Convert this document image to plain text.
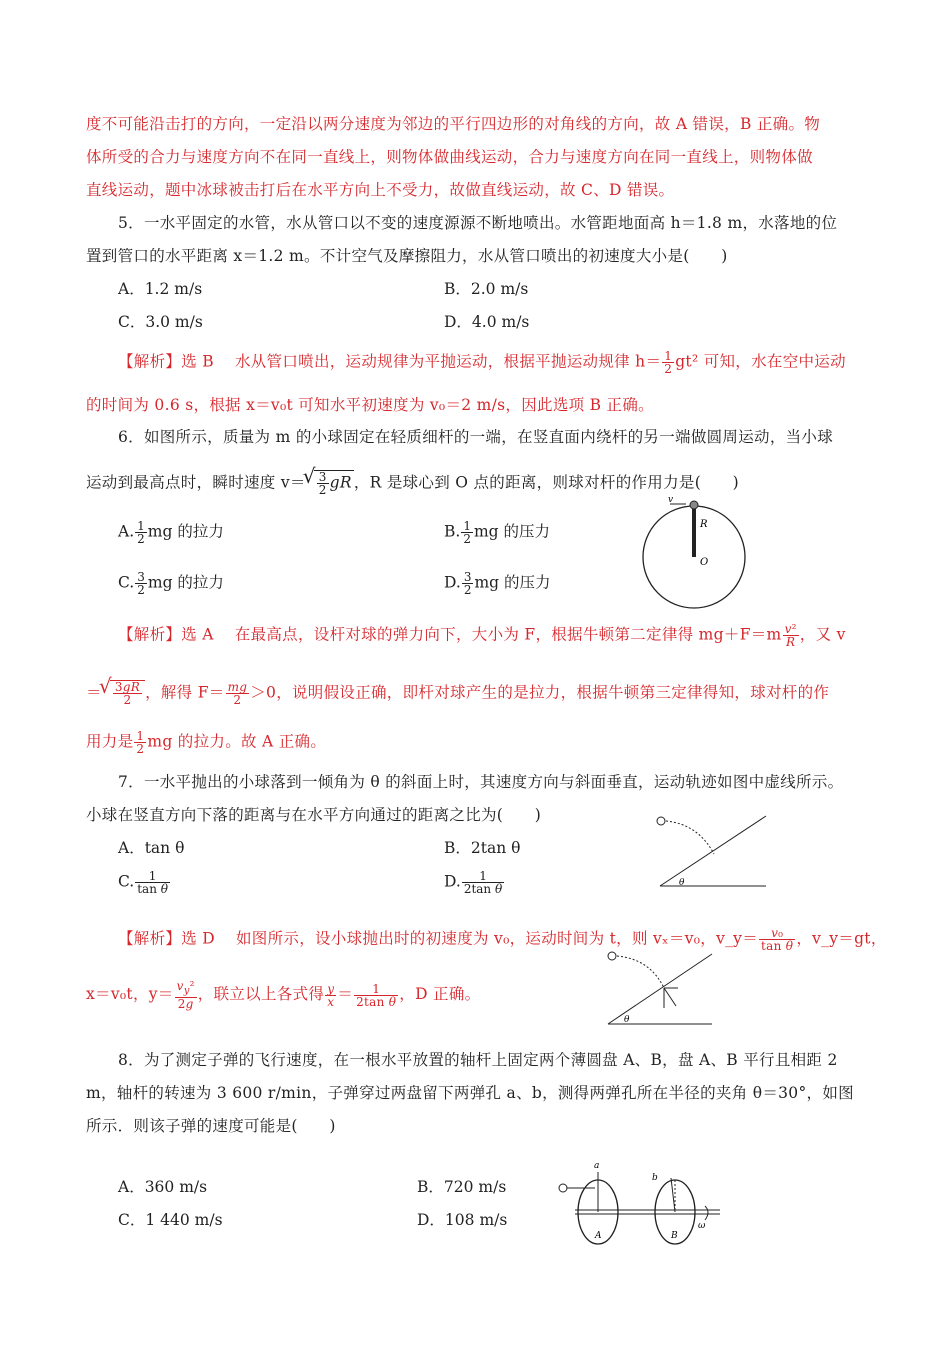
度不可能沿击打的方向，一定沿以两分速度为邻边的平行四边形的对角线的方向，故 A 错误，B 正确。物
体所受的合力与速度方向不在同一直线上，则物体做曲线运动，合力与速度方向在同一直线上，则物体做
直线运动，题中冰球被击打后在水平方向上不受力，故做直线运动，故 C、D 错误。
5．一水平固定的水管，水从管口以不变的速度源源不断地喷出。水管距地面高 h＝1.8 m，水落地的位
置到管口的水平距离 x＝1.2 m。不计空气及摩擦阻力，水从管口喷出的初速度大小是(　　)
A．1.2 m/s	B．2.0 m/s
C．3.0 m/s	D．4.0 m/s
【解析】选 B　 水从管口喷出，运动规律为平抛运动，根据平抛运动规律 $h= \frac{1}{2} gt^2$ 可知，水在空中运动
的时间为 0.6 s，根据 x＝v₀t 可知水平初速度为 v₀＝2 m/s，因此选项 B 正确。
6．如图所示，质量为 m 的小球固定在轻质细杆的一端，在竖直面内绕杆的另一端做圆周运动，当小球
运动到最高点时，瞬时速度 v＝ √ $\frac{3}{2}$ gR ，R 是球心到 O 点的距离，则球对杆的作用力是(　　)
A. $\frac{1}{2}$ mg 的拉力	B. $\frac{1}{2}$ mg 的压力
C. $\frac{3}{2}$ mg 的拉力	D. $\frac{3}{2}$ mg 的压力
v
R
O
【解析】选 A　 在最高点，设杆对球的弹力向下，大小为 F，根据牛顿第二定律得 $mg+F=m \frac{\text{v²}}{R}$ ，又 v
＝ √ $\frac{3gR}{2}$ ，解得 $F= \frac{mg}{2} >0$，说明假设正确，即杆对球产生的是拉力，根据牛顿第三定律得知，球对杆的作
用力是 $\frac{1}{2}$ mg 的拉力。故 A 正确。
7．一水平抛出的小球落到一倾角为 θ 的斜面上时，其速度方向与斜面垂直，运动轨迹如图中虚线所示。
小球在竖直方向下落的距离与在水平方向通过的距离之比为(　　)
A．tan θ	B．2tan θ
C. $\frac{1}{\text{tan θ}}$	D. $\frac{1}{\text{2tan θ}}$	θ
【解析】选 D　 如图所示，设小球抛出时的初速度为 v₀，运动时间为 t，则 vₓ＝v₀，v_y＝ $\frac{\text{v₀}}{\text{tan θ}}$ ，v_y＝gt，
x＝v₀t，$y= \frac{v_y^2}{2g}$ ，联立以上各式得 $\frac{y}{x} = \frac{1}{\text{2tan θ}}$ ，D 正确。
θ
8．为了测定子弹的飞行速度，在一根水平放置的轴杆上固定两个薄圆盘 A、B，盘 A、B 平行且相距 2
m，轴杆的转速为 3 600 r/min，子弹穿过两盘留下两弹孔 a、b，测得两弹孔所在半径的夹角 θ＝30°，如图
所示．则该子弹的速度可能是(　　)
A．360 m/s	B．720 m/s
C．1 440 m/s	D．108 m/s
a
b
A	B
ω
